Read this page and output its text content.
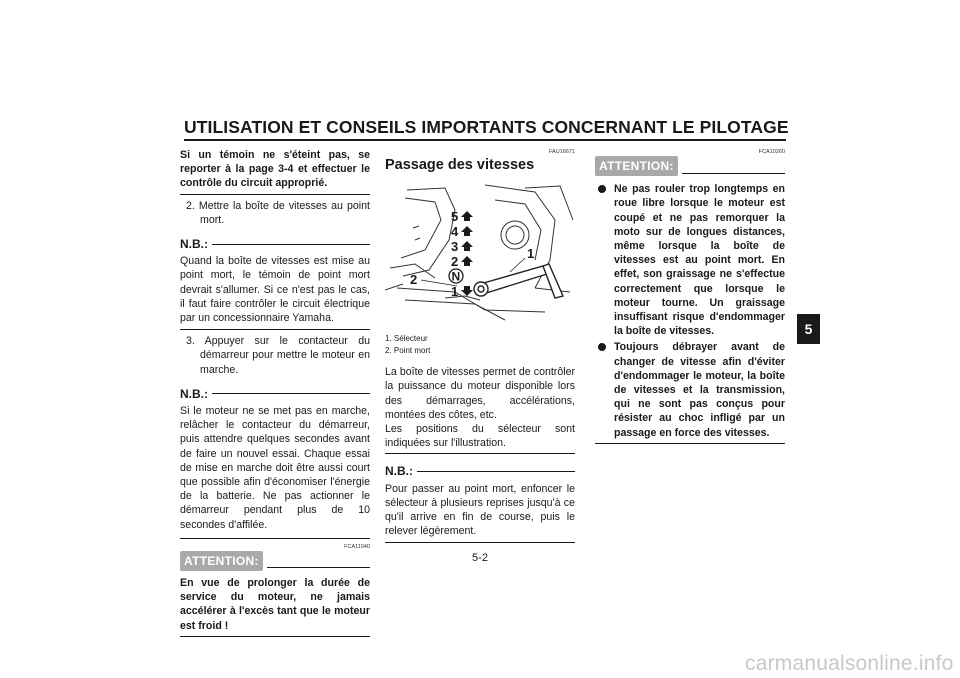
UTILISATION ET CONSEILS IMPORTANTS CONCERNANT LE PILOTAGE
Si un témoin ne s'éteint pas, se reporter à la page 3-4 et effectuer le contrôle du circuit approprié.
2. Mettre la boîte de vitesses au point mort.
N.B.:
Quand la boîte de vitesses est mise au point mort, le témoin de point mort devrait s'allumer. Si ce n'est pas le cas, il faut faire contrôler le circuit électrique par un concessionnaire Yamaha.
3. Appuyer sur le contacteur du démarreur pour mettre le moteur en marche.
N.B.:
Si le moteur ne se met pas en marche, relâcher le contacteur du démarreur, puis attendre quelques secondes avant de faire un nouvel essai. Chaque essai de mise en marche doit être aussi court que possible afin d'économiser l'énergie de la batterie. Ne pas actionner le démarreur pendant plus de 10 secondes d'affilée.
FCA11040
ATTENTION:
En vue de prolonger la durée de service du moteur, ne jamais accélérer à l'excès tant que le moteur est froid !
FAU16671
Passage des vitesses
5
4
3
2
1
2
1
N
1. Sélecteur
2. Point mort
La boîte de vitesses permet de contrôler la puissance du moteur disponible lors des démarrages, accélérations, montées des côtes, etc.
Les positions du sélecteur sont indiquées sur l'illustration.
N.B.:
Pour passer au point mort, enfoncer le sélecteur à plusieurs reprises jusqu'à ce qu'il arrive en fin de course, puis le relever légèrement.
FCA10260
ATTENTION:
Ne pas rouler trop longtemps en roue libre lorsque le moteur est coupé et ne pas remorquer la moto sur de longues distances, même lorsque la boîte de vitesses est au point mort. En effet, son graissage ne s'effectue correctement que lorsque le moteur tourne. Un graissage insuffisant risque d'endommager la boîte de vitesses.
Toujours débrayer avant de changer de vitesse afin d'éviter d'endommager le moteur, la boîte de vitesses et la transmission, qui ne sont pas conçus pour résister au choc infligé par un passage en force des vitesses.
5
5-2
carmanualsonline.info
